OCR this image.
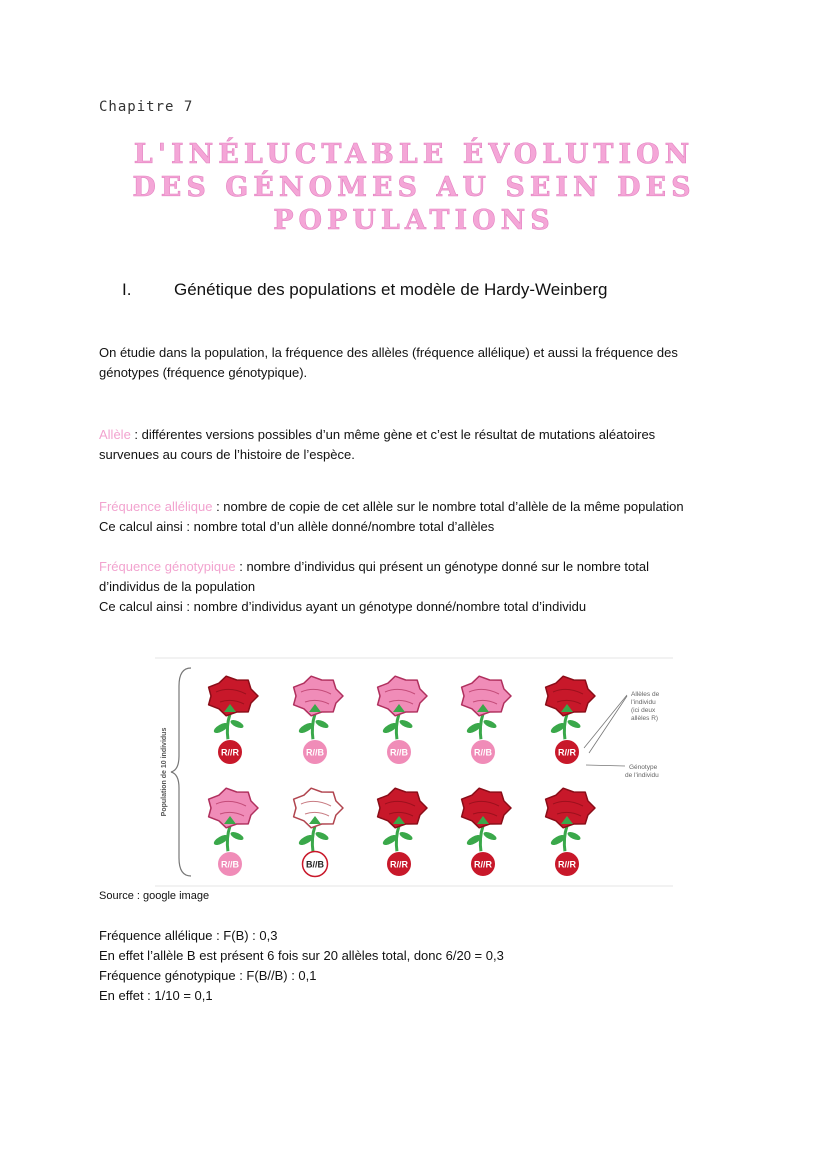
Chapitre 7
L'INÉLUCTABLE ÉVOLUTION
DES GÉNOMES AU SEIN DES
POPULATIONS
I.	Génétique des populations et modèle de Hardy-Weinberg
On étudie dans la population, la fréquence des allèles (fréquence allélique) et aussi la fréquence des
génotypes (fréquence génotypique).
Allèle : différentes versions possibles d’un même gène et c’est le résultat de mutations aléatoires
survenues au cours de l’histoire de l’espèce.
Fréquence allélique : nombre de copie de cet allèle sur le nombre total d’allèle de la même population
Ce calcul ainsi : nombre total d’un allèle donné/nombre total d’allèles
Fréquence génotypique : nombre d’individus qui présent un génotype donné sur le nombre total
d’individus de la population
Ce calcul ainsi : nombre d’individus ayant un génotype donné/nombre total d’individu
Population de 10 individus	R//R	R//B	R//B	R//B	R//R
R//B	B//B	R//R	R//R	R//R
Allèles de l'individu (ici deux allèles R)
Génotype de l'individu
Source : google image
Fréquence allélique : F(B) : 0,3
En effet l’allèle B est présent 6 fois sur 20 allèles total, donc 6/20 = 0,3
Fréquence génotypique : F(B//B) : 0,1
En effet : 1/10 = 0,1
